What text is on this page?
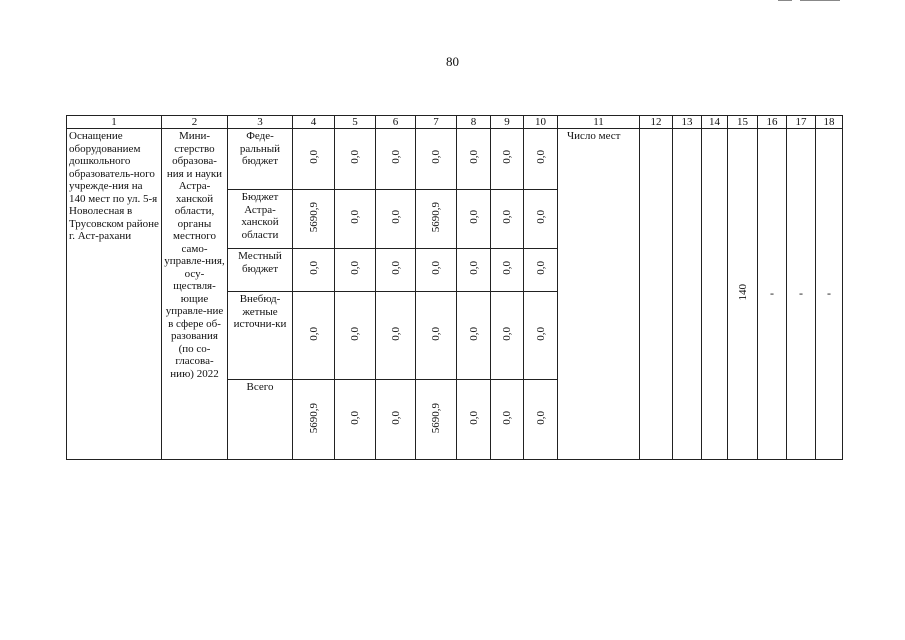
80
1	2	3	4	5	6	7	8	9	10	11	12	13	14	15	16	17	18

Оснащение оборудованием дошкольного образователь-ного учрежде-ния на 140 мест по ул. 5-я Новолесная в Трусовском районе г. Аст-рахани	Мини-стерство образова-ния и науки Астра-ханской области, органы местного само-управле-ния, осу-ществля-ющие управле-ние в сфере об-разования (по со-гласова-нию) 2022	Феде-ральный бюджет	0,0	0,0	0,0	0,0	0,0	0,0	0,0	Число мест				140	-	-	-

		Бюджет Астра-ханской области	5690,9	0,0	0,0	5690,9	0,0	0,0	0,0								

		Местный бюджет	0,0	0,0	0,0	0,0	0,0	0,0	0,0								

		Внебюд-жетные источни-ки	0,0	0,0	0,0	0,0	0,0	0,0	0,0								

		Всего	5690,9	0,0	0,0	5690,9	0,0	0,0	0,0								
